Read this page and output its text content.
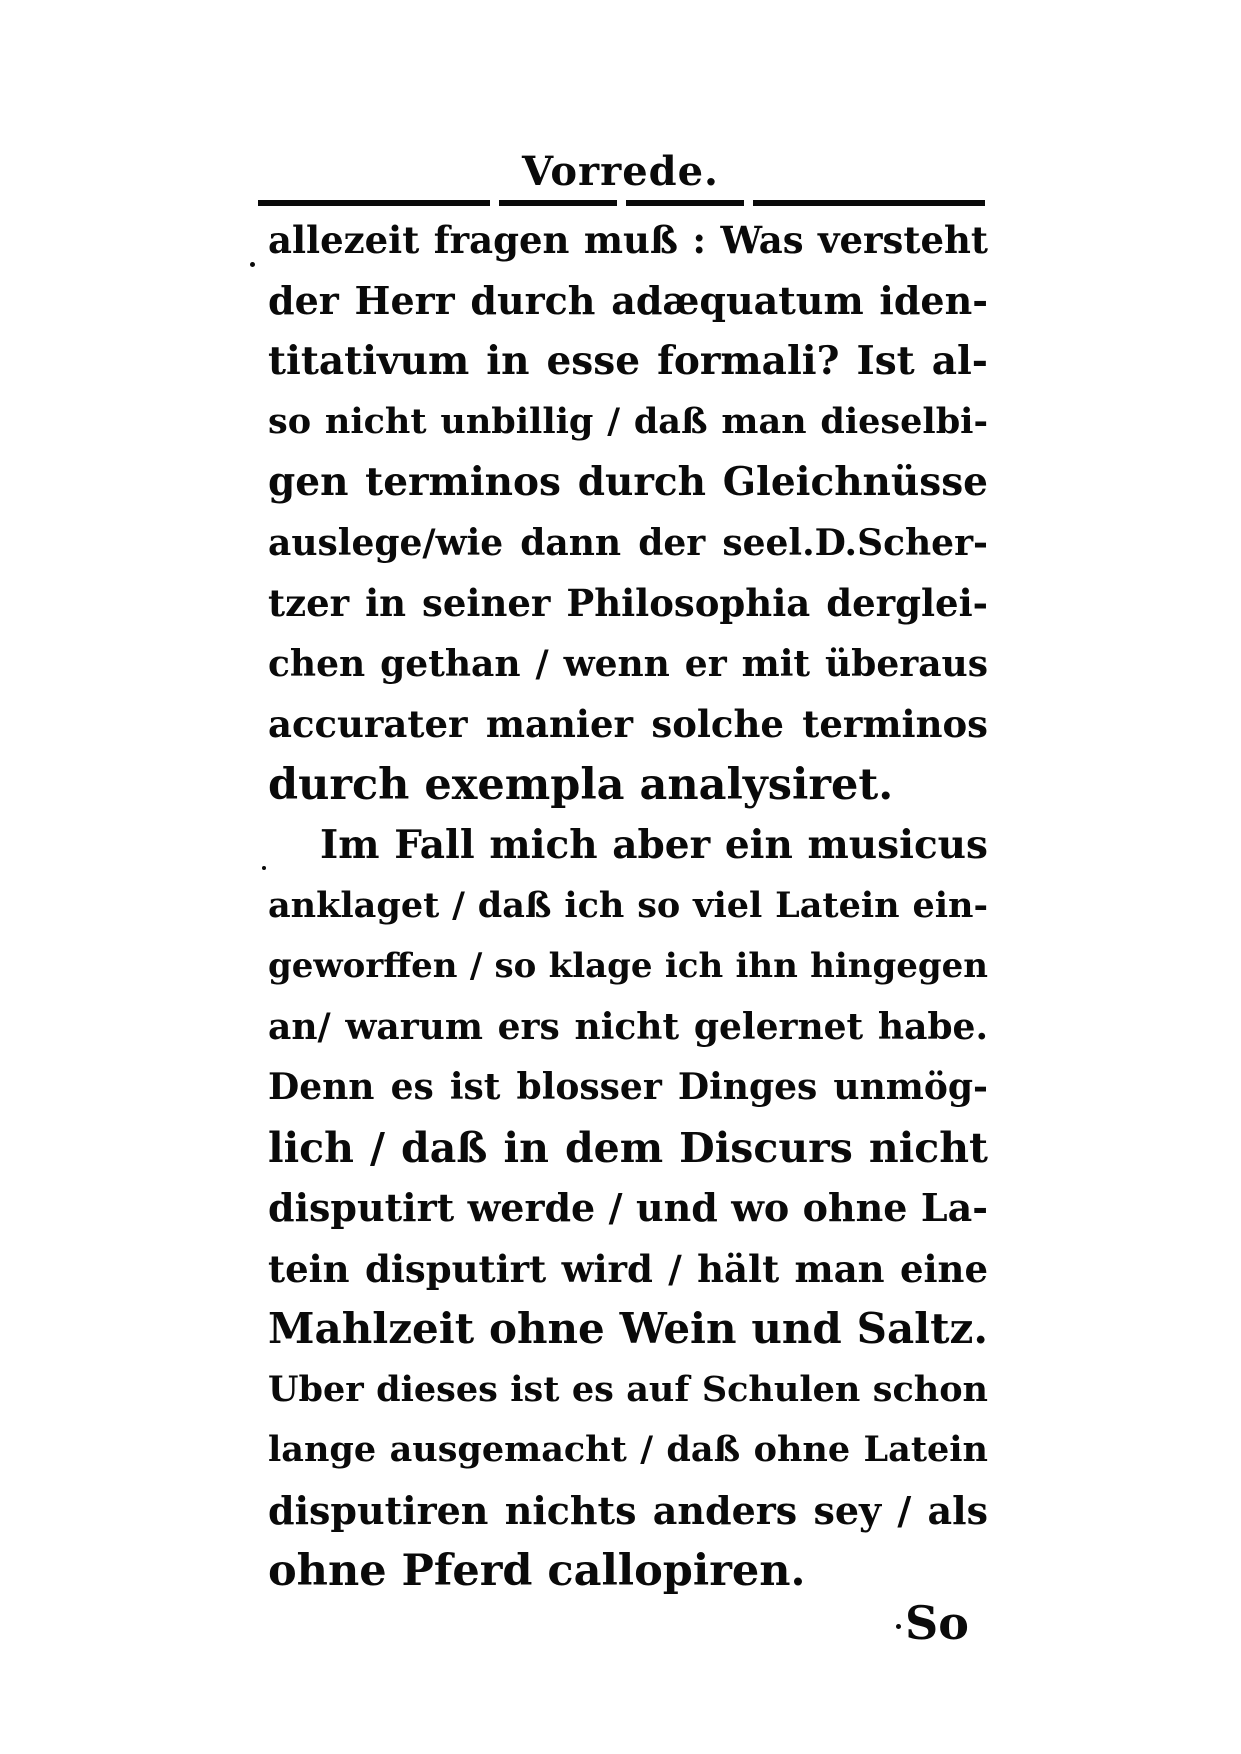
Vorrede.
allezeit fragen muß : Was versteht
der Herr durch adæquatum iden-
titativum in esse formali? Ist al-
so nicht unbillig / daß man dieselbi-
gen terminos durch Gleichnüsse
auslege/wie dann der seel.D.Scher-
tzer in seiner Philosophia derglei-
chen gethan / wenn er mit überaus
accurater manier solche terminos
durch exempla analysiret.
Im Fall mich aber ein musicus
anklaget / daß ich so viel Latein ein-
geworffen / so klage ich ihn hingegen
an/ warum ers nicht gelernet habe.
Denn es ist blosser Dinges unmög-
lich / daß in dem Discurs nicht
disputirt werde / und wo ohne La-
tein disputirt wird / hält man eine
Mahlzeit ohne Wein und Saltz.
Uber dieses ist es auf Schulen schon
lange ausgemacht / daß ohne Latein
disputiren nichts anders sey / als
ohne Pferd callopiren.
So
